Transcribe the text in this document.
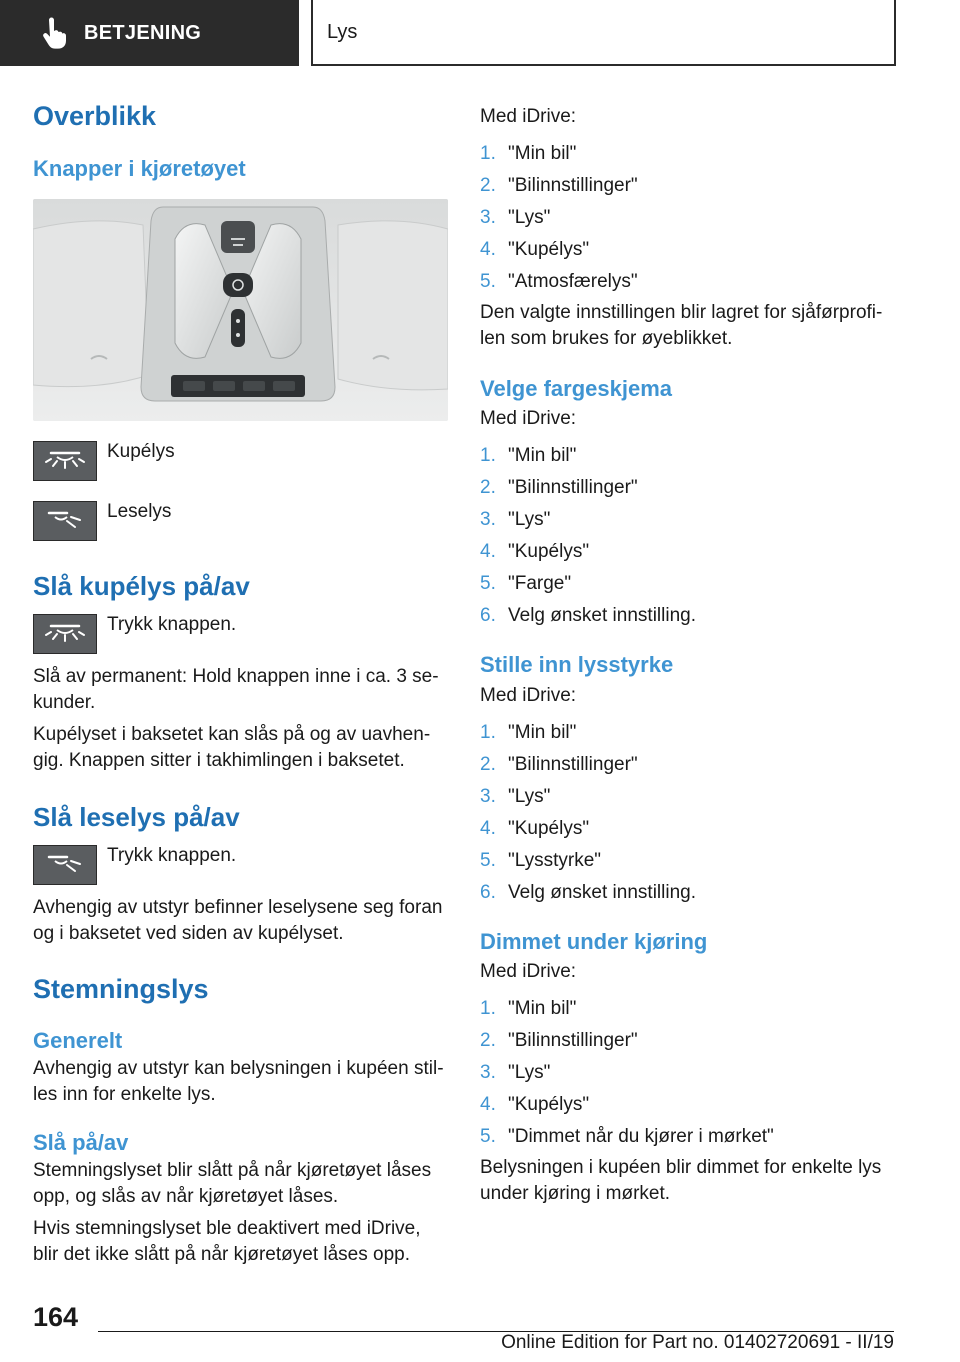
BETJENING	Lys
Overblikk
Knapper i kjøretøyet
Kupélys
Leselys
Slå kupélys på/av
Trykk knappen.

Slå av permanent: Hold knappen inne i ca. 3 sekunder.

Kupélyset i baksetet kan slås på og av uavhengig. Knappen sitter i takhimlingen i baksetet.

Slå leselys på/av
Trykk knappen.

Avhengig av utstyr befinner leselysene seg foran og i baksetet ved siden av kupélyset.

Stemningslys
Generelt

Avhengig av utstyr kan belysningen i kupéen stilles inn for enkelte lys.

Slå på/av

Stemningslyset blir slått på når kjøretøyet låses opp, og slås av når kjøretøyet låses.

Hvis stemningslyset ble deaktivert med iDrive, blir det ikke slått på når kjøretøyet låses opp.

Med iDrive:

1. "Min bil"
2. "Bilinnstillinger"
3. "Lys"
4. "Kupélys"
5. "Atmosfærelys"

Den valgte innstillingen blir lagret for sjåførprofilen som brukes for øyeblikket.

Velge fargeskjema

Med iDrive:

1. "Min bil"
2. "Bilinnstillinger"
3. "Lys"
4. "Kupélys"
5. "Farge"
6. Velg ønsket innstilling.
Stille inn lysstyrke

Med iDrive:

1. "Min bil"
2. "Bilinnstillinger"
3. "Lys"
4. "Kupélys"
5. "Lysstyrke"
6. Velg ønsket innstilling.
Dimmet under kjøring

Med iDrive:

1. "Min bil"
2. "Bilinnstillinger"
3. "Lys"
4. "Kupélys"
5. "Dimmet når du kjører i mørket"

Belysningen i kupéen blir dimmet for enkelte lys under kjøring i mørket.

164
Online Edition for Part no. 01402720691 - II/19
